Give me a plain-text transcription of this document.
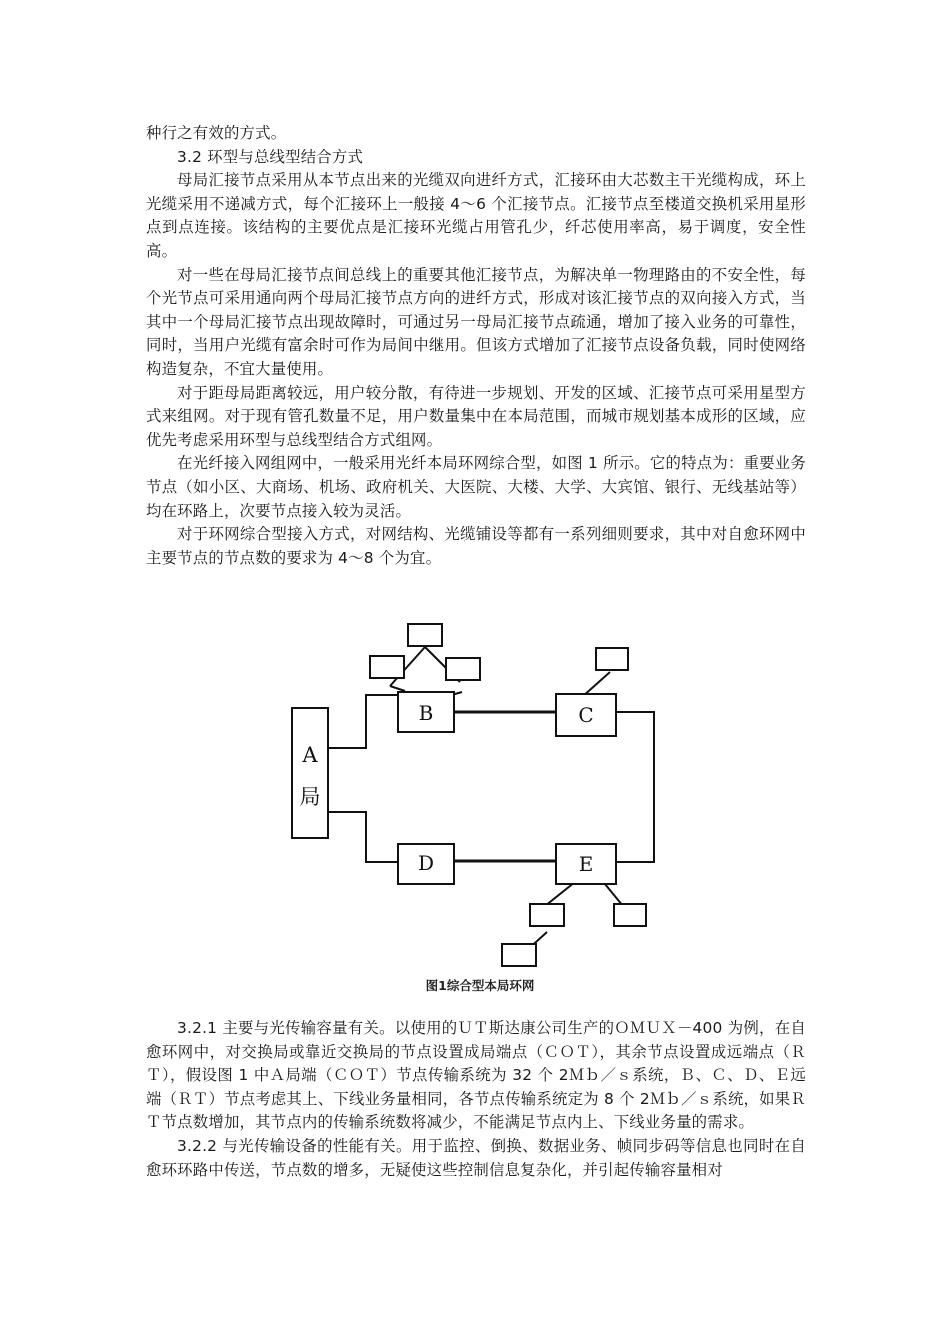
种行之有效的方式。

3.2 环型与总线型结合方式

母局汇接节点采用从本节点出来的光缆双向进纤方式，汇接环由大芯数主干光缆构成，环上光缆采用不递减方式，每个汇接环上一般接 4～6 个汇接节点。汇接节点至楼道交换机采用星形点到点连接。该结构的主要优点是汇接环光缆占用管孔少，纤芯使用率高，易于调度，安全性高。

对一些在母局汇接节点间总线上的重要其他汇接节点，为解决单一物理路由的不安全性，每个光节点可采用通向两个母局汇接节点方向的进纤方式，形成对该汇接节点的双向接入方式，当其中一个母局汇接节点出现故障时，可通过另一母局汇接节点疏通，增加了接入业务的可靠性，同时，当用户光缆有富余时可作为局间中继用。但该方式增加了汇接节点设备负载，同时使网络构造复杂，不宜大量使用。

对于距母局距离较远，用户较分散，有待进一步规划、开发的区域、汇接节点可采用星型方式来组网。对于现有管孔数量不足，用户数量集中在本局范围，而城市规划基本成形的区域，应优先考虑采用环型与总线型结合方式组网。

在光纤接入网组网中，一般采用光纤本局环网综合型，如图 1 所示。它的特点为：重要业务节点（如小区、大商场、机场、政府机关、大医院、大楼、大学、大宾馆、银行、无线基站等）均在环路上，次要节点接入较为灵活。

对于环网综合型接入方式，对网结构、光缆铺设等都有一系列细则要求，其中对自愈环网中主要节点的节点数的要求为 4～8 个为宜。

A
局
B	C
D	E
图1综合型本局环网

3.2.1 主要与光传输容量有关。以使用的ＵＴ斯达康公司生产的ＯＭＵＸ－400 为例，在自愈环网中，对交换局或靠近交换局的节点设置成局端点（ＣＯＴ），其余节点设置成远端点（ＲＴ），假设图 1 中Ａ局端（ＣＯＴ）节点传输系统为 32 个 2Ｍｂ／ｓ系统，Ｂ、Ｃ、Ｄ、Ｅ远端（ＲＴ）节点考虑其上、下线业务量相同，各节点传输系统定为 8 个 2Ｍｂ／ｓ系统，如果ＲＴ节点数增加，其节点内的传输系统数将减少，不能满足节点内上、下线业务量的需求。

3.2.2 与光传输设备的性能有关。用于监控、倒换、数据业务、帧同步码等信息也同时在自愈环环路中传送，节点数的增多，无疑使这些控制信息复杂化，并引起传输容量相对
